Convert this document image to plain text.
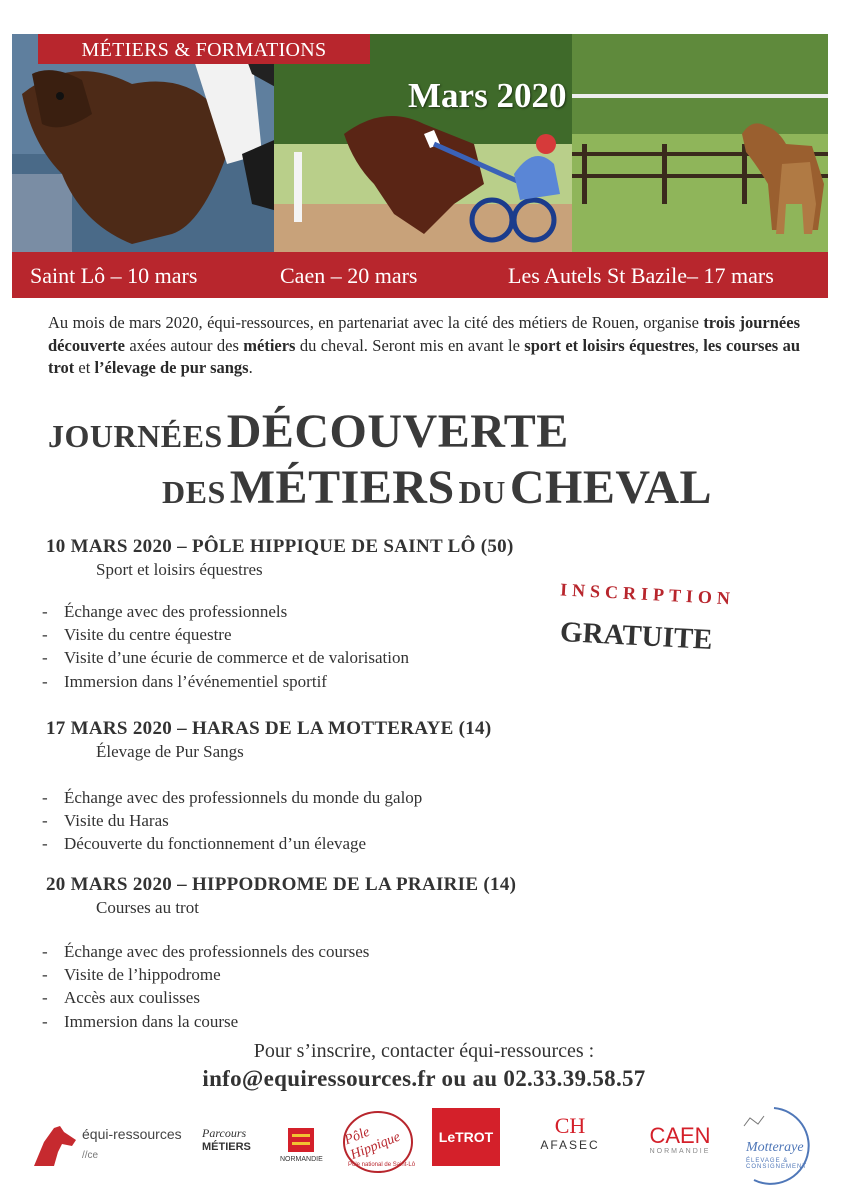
MÉTIERS & FORMATIONS
Mars 2020
Saint Lô – 10 mars	Caen – 20 mars	Les Autels St Bazile– 17 mars

Au mois de mars 2020, équi-ressources, en partenariat avec la cité des métiers de Rouen, organise trois journées découverte axées autour des métiers du cheval. Seront mis en avant le sport et loisirs équestres, les courses au trot et l’élevage de pur sangs.

JOURNÉES DÉCOUVERTE
DES MÉTIERS DU CHEVAL
10 MARS 2020 – PÔLE HIPPIQUE DE SAINT LÔ (50)
Sport et loisirs équestres
- Échange avec des professionnels
- Visite du centre équestre
- Visite d’une écurie de commerce et de valorisation
- Immersion dans l’événementiel sportif
INSCRIPTION
GRATUITE
17 MARS 2020 – HARAS DE LA MOTTERAYE (14)
Élevage de Pur Sangs
- Échange avec des professionnels du monde du galop
- Visite du Haras
- Découverte du fonctionnement d’un élevage
20 MARS 2020 – HIPPODROME DE LA PRAIRIE (14)
Courses au trot
- Échange avec des professionnels des courses
- Visite de l’hippodrome
- Accès aux coulisses
- Immersion dans la course
Pour s’inscrire, contacter équi-ressources :
info@equiressources.fr ou au 02.33.39.58.57
équi-ressources
//ce
Parcours
MÉTIERS
NORMANDIE
Pôle Hippique
Pôle national de Saint-Lô
LeTROT	CH
AFASEC	CAEN
NORMANDIE	Motteraye
ÉLEVAGE & CONSIGNEMENT
